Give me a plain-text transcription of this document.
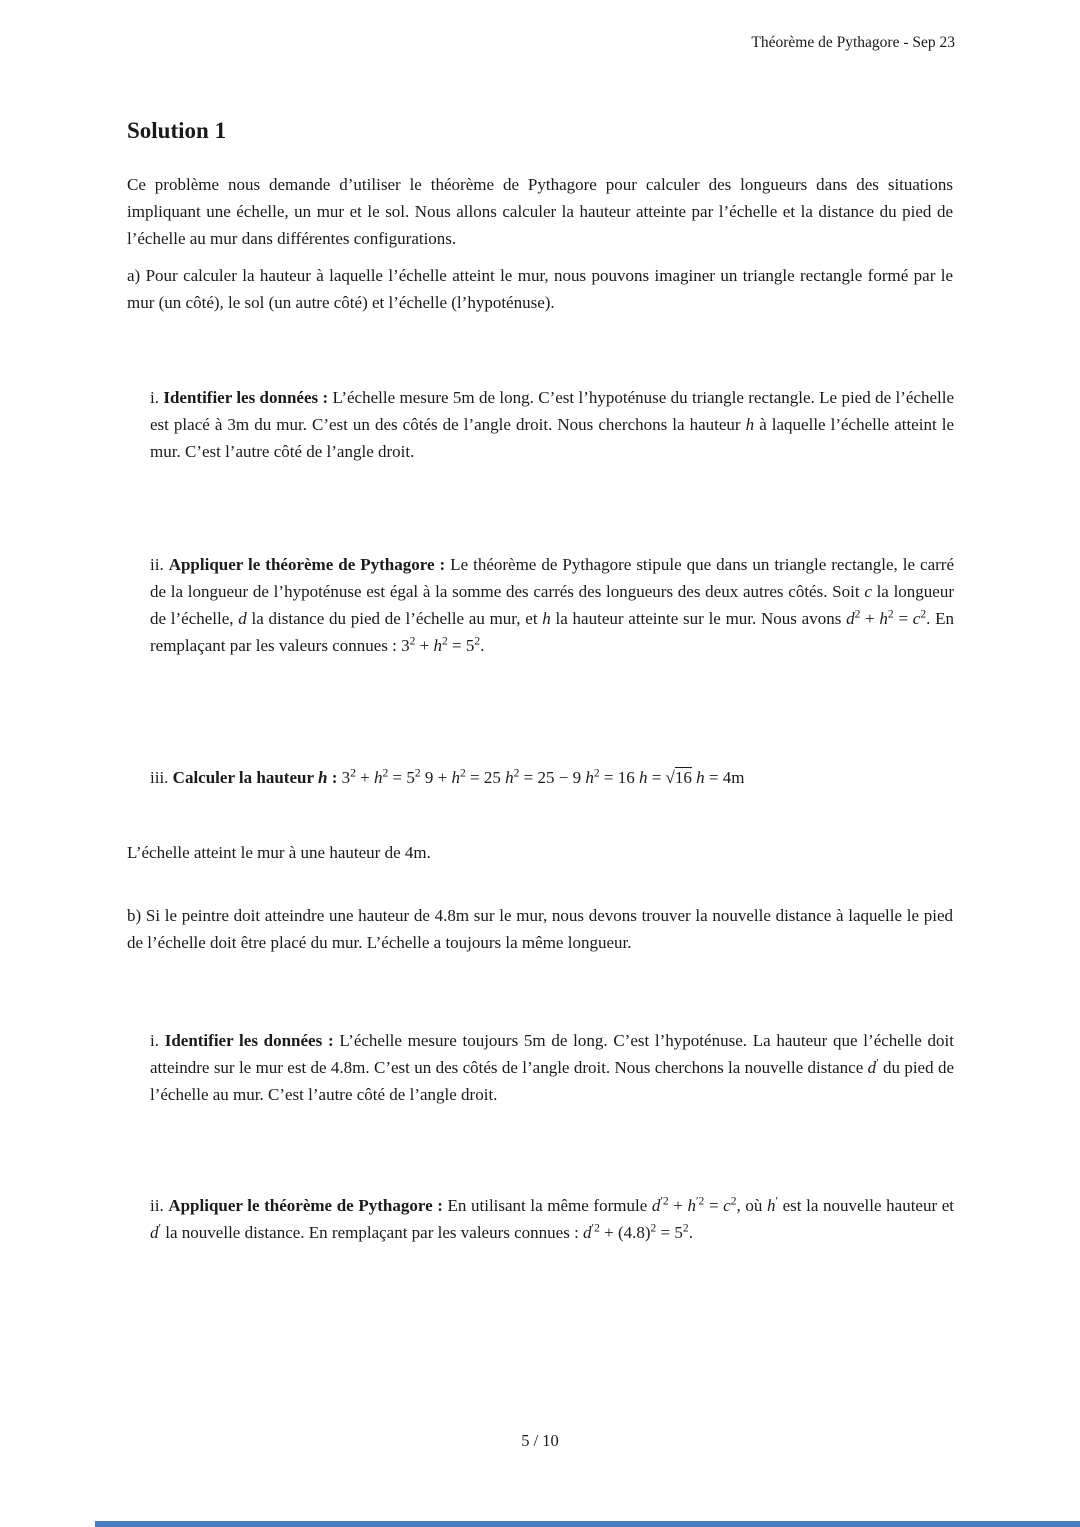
Théorème de Pythagore - Sep 23
Solution 1

Ce problème nous demande d’utiliser le théorème de Pythagore pour calculer des longueurs dans des situations impliquant une échelle, un mur et le sol. Nous allons calculer la hauteur atteinte par l’échelle et la distance du pied de l’échelle au mur dans différentes configurations.

a) Pour calculer la hauteur à laquelle l’échelle atteint le mur, nous pouvons imaginer un triangle rectangle formé par le mur (un côté), le sol (un autre côté) et l’échelle (l’hypoténuse).

i. Identifier les données : L’échelle mesure 5m de long. C’est l’hypoténuse du triangle rectangle. Le pied de l’échelle est placé à 3m du mur. C’est un des côtés de l’angle droit. Nous cherchons la hauteur h à laquelle l’échelle atteint le mur. C’est l’autre côté de l’angle droit.

ii. Appliquer le théorème de Pythagore : Le théorème de Pythagore stipule que dans un triangle rectangle, le carré de la longueur de l’hypoténuse est égal à la somme des carrés des longueurs des deux autres côtés. Soit c la longueur de l’échelle, d la distance du pied de l’échelle au mur, et h la hauteur atteinte sur le mur. Nous avons $d^2 + h^2 = c^2$. En remplaçant par les valeurs connues : $3^2 + h^2 = 5^2$.

iii. Calculer la hauteur h : $3^2 + h^2 = 5^2$ $9 + h^2 = 25$ $h^2 = 25 - 9$ $h^2 = 16$ h = √16 h = 4m

L’échelle atteint le mur à une hauteur de 4m.

b) Si le peintre doit atteindre une hauteur de 4.8m sur le mur, nous devons trouver la nouvelle distance à laquelle le pied de l’échelle doit être placé du mur. L’échelle a toujours la même longueur.

i. Identifier les données : L’échelle mesure toujours 5m de long. C’est l’hypoténuse. La hauteur que l’échelle doit atteindre sur le mur est de 4.8m. C’est un des côtés de l’angle droit. Nous cherchons la nouvelle distance d′ du pied de l’échelle au mur. C’est l’autre côté de l’angle droit.

ii. Appliquer le théorème de Pythagore : En utilisant la même formule $d^{'2} + h^{'2} = c^2$, où h′ est la nouvelle hauteur et d′ la nouvelle distance. En remplaçant par les valeurs connues : $d^{'2} + (4.8)^2 = 5^2$.

5 / 10
